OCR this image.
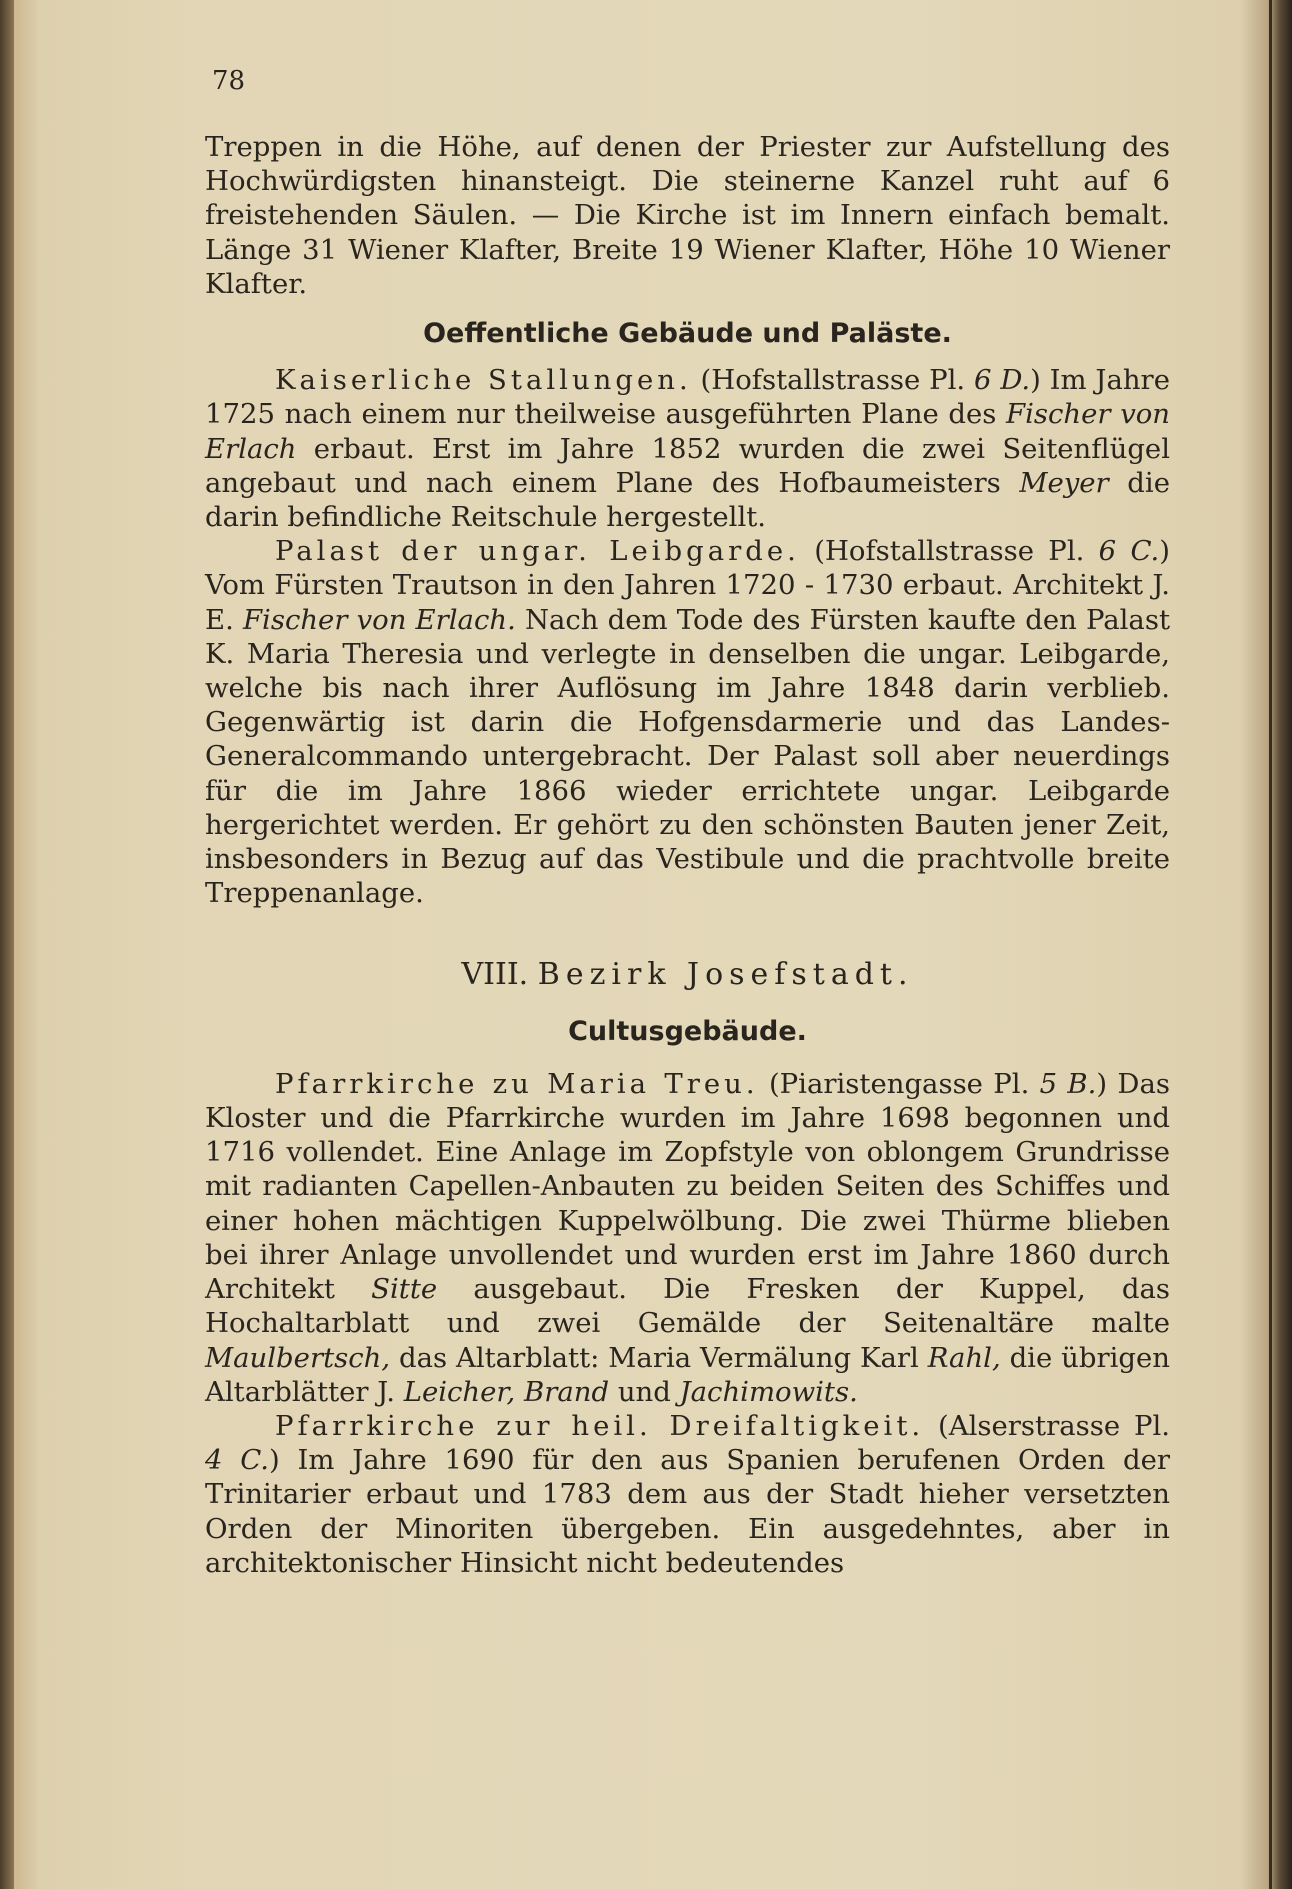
78

Treppen in die Höhe, auf denen der Priester zur Aufstellung des Hochwürdigsten hinansteigt. Die steinerne Kanzel ruht auf 6 freistehenden Säulen. — Die Kirche ist im Innern einfach bemalt. Länge 31 Wiener Klafter, Breite 19 Wiener Klafter, Höhe 10 Wiener Klafter.

Oeffentliche Gebäude und Paläste.

Kaiserliche Stallungen. (Hofstallstrasse Pl. 6 D.) Im Jahre 1725 nach einem nur theilweise ausgeführten Plane des Fischer von Erlach erbaut. Erst im Jahre 1852 wurden die zwei Seitenflügel angebaut und nach einem Plane des Hofbaumeisters Meyer die darin befindliche Reitschule hergestellt.

Palast der ungar. Leibgarde. (Hofstallstrasse Pl. 6 C.) Vom Fürsten Trautson in den Jahren 1720 - 1730 erbaut. Architekt J. E. Fischer von Erlach. Nach dem Tode des Fürsten kaufte den Palast K. Maria Theresia und verlegte in denselben die ungar. Leibgarde, welche bis nach ihrer Auflösung im Jahre 1848 darin verblieb. Gegenwärtig ist darin die Hofgensdarmerie und das Landes-Generalcommando untergebracht. Der Palast soll aber neuerdings für die im Jahre 1866 wieder errichtete ungar. Leibgarde hergerichtet werden. Er gehört zu den schönsten Bauten jener Zeit, insbesonders in Bezug auf das Vestibule und die prachtvolle breite Treppenanlage.

VIII. Bezirk Josefstadt.

Cultusgebäude.

Pfarrkirche zu Maria Treu. (Piaristengasse Pl. 5 B.) Das Kloster und die Pfarrkirche wurden im Jahre 1698 begonnen und 1716 vollendet. Eine Anlage im Zopfstyle von oblongem Grundrisse mit radianten Capellen-Anbauten zu beiden Seiten des Schiffes und einer hohen mächtigen Kuppelwölbung. Die zwei Thürme blieben bei ihrer Anlage unvollendet und wurden erst im Jahre 1860 durch Architekt Sitte ausgebaut. Die Fresken der Kuppel, das Hochaltarblatt und zwei Gemälde der Seitenaltäre malte Maulbertsch, das Altarblatt: Maria Vermälung Karl Rahl, die übrigen Altarblätter J. Leicher, Brand und Jachimowits.

Pfarrkirche zur heil. Dreifaltigkeit. (Alserstrasse Pl. 4 C.) Im Jahre 1690 für den aus Spanien berufenen Orden der Trinitarier erbaut und 1783 dem aus der Stadt hieher versetzten Orden der Minoriten übergeben. Ein ausgedehntes, aber in architektonischer Hinsicht nicht bedeutendes
